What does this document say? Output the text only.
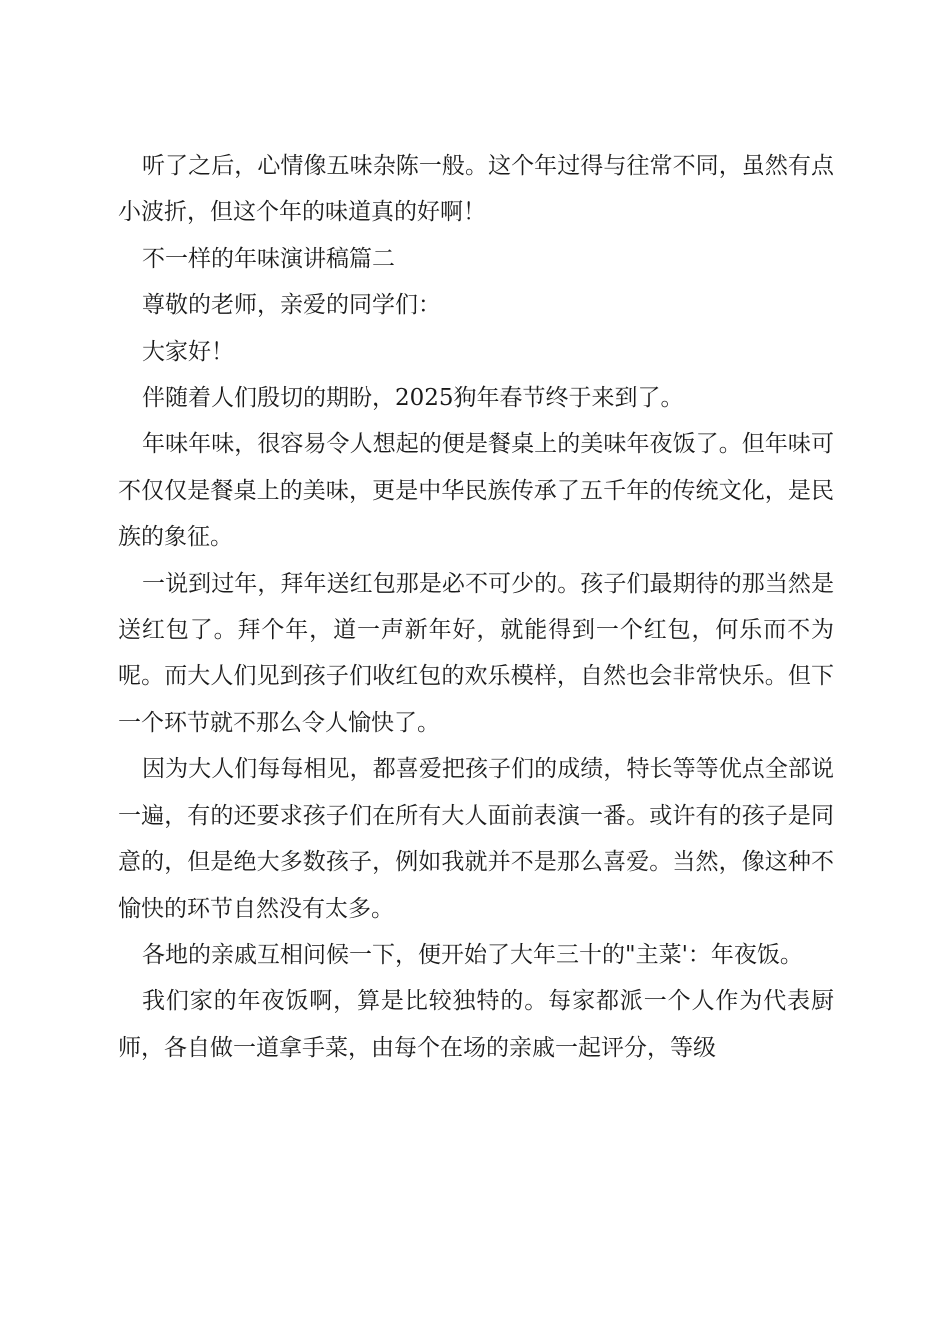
听了之后，心情像五味杂陈一般。这个年过得与往常不同，虽然有点小波折，但这个年的味道真的好啊！

不一样的年味演讲稿篇二

尊敬的老师，亲爱的同学们：

大家好！

伴随着人们殷切的期盼，2025狗年春节终于来到了。

年味年味，很容易令人想起的便是餐桌上的美味年夜饭了。但年味可不仅仅是餐桌上的美味，更是中华民族传承了五千年的传统文化，是民族的象征。

一说到过年，拜年送红包那是必不可少的。孩子们最期待的那当然是送红包了。拜个年，道一声新年好，就能得到一个红包，何乐而不为呢。而大人们见到孩子们收红包的欢乐模样，自然也会非常快乐。但下一个环节就不那么令人愉快了。

因为大人们每每相见，都喜爱把孩子们的成绩，特长等等优点全部说一遍，有的还要求孩子们在所有大人面前表演一番。或许有的孩子是同意的，但是绝大多数孩子，例如我就并不是那么喜爱。当然，像这种不愉快的环节自然没有太多。

各地的亲戚互相问候一下，便开始了大年三十的"主菜'：年夜饭。

我们家的年夜饭啊，算是比较独特的。每家都派一个人作为代表厨师，各自做一道拿手菜，由每个在场的亲戚一起评分，等级
